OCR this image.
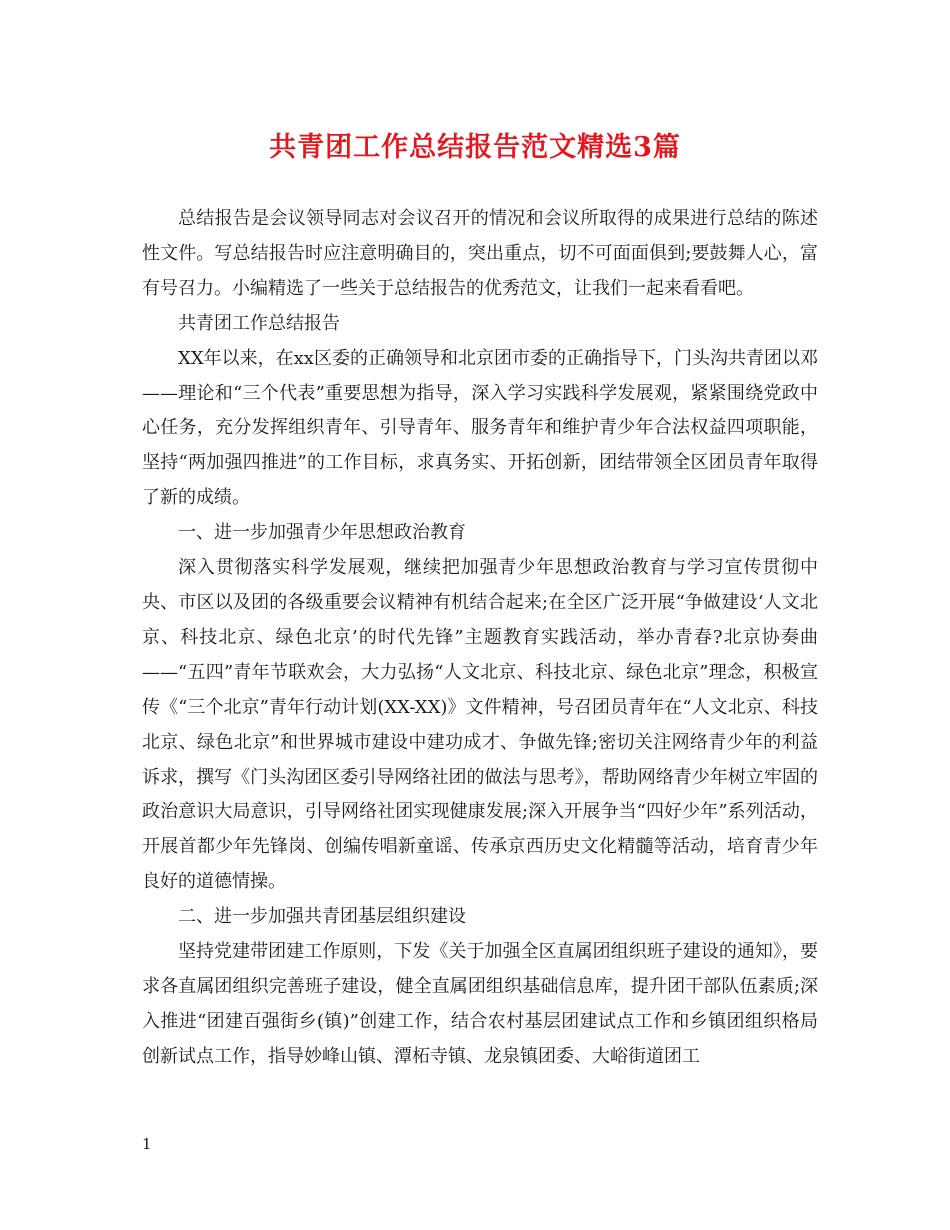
共青团工作总结报告范文精选3篇

总结报告是会议领导同志对会议召开的情况和会议所取得的成果进行总结的陈述性文件。写总结报告时应注意明确目的，突出重点，切不可面面俱到;要鼓舞人心，富有号召力。小编精选了一些关于总结报告的优秀范文，让我们一起来看看吧。

共青团工作总结报告

XX年以来，在xx区委的正确领导和北京团市委的正确指导下，门头沟共青团以邓——理论和“三个代表”重要思想为指导，深入学习实践科学发展观，紧紧围绕党政中心任务，充分发挥组织青年、引导青年、服务青年和维护青少年合法权益四项职能，坚持“两加强四推进”的工作目标，求真务实、开拓创新，团结带领全区团员青年取得了新的成绩。

一、进一步加强青少年思想政治教育

深入贯彻落实科学发展观，继续把加强青少年思想政治教育与学习宣传贯彻中央、市区以及团的各级重要会议精神有机结合起来;在全区广泛开展“争做建设‘人文北京、科技北京、绿色北京’的时代先锋”主题教育实践活动，举办青春?北京协奏曲——“五四”青年节联欢会，大力弘扬“人文北京、科技北京、绿色北京”理念，积极宣传《“三个北京”青年行动计划(XX-XX)》文件精神，号召团员青年在“人文北京、科技北京、绿色北京”和世界城市建设中建功成才、争做先锋;密切关注网络青少年的利益诉求，撰写《门头沟团区委引导网络社团的做法与思考》，帮助网络青少年树立牢固的政治意识大局意识，引导网络社团实现健康发展;深入开展争当“四好少年”系列活动，开展首都少年先锋岗、创编传唱新童谣、传承京西历史文化精髓等活动，培育青少年良好的道德情操。

二、进一步加强共青团基层组织建设

坚持党建带团建工作原则，下发《关于加强全区直属团组织班子建设的通知》，要求各直属团组织完善班子建设，健全直属团组织基础信息库，提升团干部队伍素质;深入推进“团建百强街乡(镇)”创建工作，结合农村基层团建试点工作和乡镇团组织格局创新试点工作，指导妙峰山镇、潭柘寺镇、龙泉镇团委、大峪街道团工

1
